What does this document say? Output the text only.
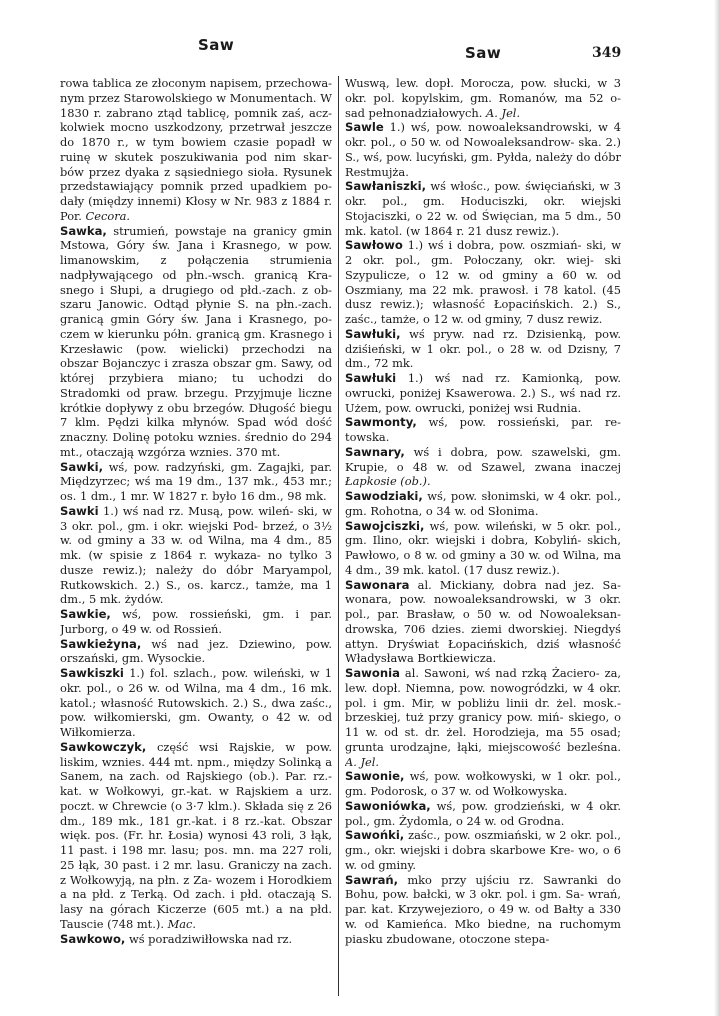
Saw	Saw	349

rowa tablica ze złoconym napisem, przechowa- nym przez Starowolskiego w Monumentach. W 1830 r. zabrano ztąd tablicę, pomnik zaś, acz- kolwiek mocno uszkodzony, przetrwał jeszcze do 1870 r., w tym bowiem czasie popadł w ruinę w skutek poszukiwania pod nim skar- bów przez dyaka z sąsiedniego sioła. Rysunek przedstawiający pomnik przed upadkiem po- dały (między innemi) Kłosy w Nr. 983 z 1884 r. Por. Cecora.

Sawka, strumień, powstaje na granicy gmin Mstowa, Góry św. Jana i Krasnego, w pow. limanowskim, z połączenia strumienia nadpływającego od płn.-wsch. granicą Kra- snego i Słupi, a drugiego od płd.-zach. z ob- szaru Janowic. Odtąd płynie S. na płn.-zach. granicą gmin Góry św. Jana i Krasnego, po- czem w kierunku półn. granicą gm. Krasnego i Krzesławic (pow. wielicki) przechodzi na obszar Bojanczyc i zrasza obszar gm. Sawy, od której przybiera miano; tu uchodzi do Stradomki od praw. brzegu. Przyjmuje liczne krótkie dopływy z obu brzegów. Długość biegu 7 klm. Pędzi kilka młynów. Spad wód dość znaczny. Dolinę potoku wznies. średnio do 294 mt., otaczają wzgórza wznies. 370 mt.

Sawki, wś, pow. radzyński, gm. Zagajki, par. Międzyrzec; wś ma 19 dm., 137 mk., 453 mr.; os. 1 dm., 1 mr. W 1827 r. było 16 dm., 98 mk.

Sawki 1.) wś nad rz. Musą, pow. wileń- ski, w 3 okr. pol., gm. i okr. wiejski Pod- brzeź, o 3½ w. od gminy a 33 w. od Wilna, ma 4 dm., 85 mk. (w spisie z 1864 r. wykaza- no tylko 3 dusze rewiz.); należy do dóbr Maryampol, Rutkowskich. 2.) S., os. karcz., tamże, ma 1 dm., 5 mk. żydów.

Sawkie, wś, pow. rossieński, gm. i par. Jurborg, o 49 w. od Rossień.

Sawkieżyna, wś nad jez. Dziewino, pow. orszański, gm. Wysockie.

Sawkiszki 1.) fol. szlach., pow. wileński, w 1 okr. pol., o 26 w. od Wilna, ma 4 dm., 16 mk. katol.; własność Rutowskich. 2.) S., dwa zaśc., pow. wiłkomierski, gm. Owanty, o 42 w. od Wiłkomierza.

Sawkowczyk, część wsi Rajskie, w pow. liskim, wznies. 444 mt. npm., między Solinką a Sanem, na zach. od Rajskiego (ob.). Par. rz.-kat. w Wołkowyi, gr.-kat. w Rajskiem a urz. poczt. w Chrewcie (o 3·7 klm.). Składa się z 26 dm., 189 mk., 181 gr.-kat. i 8 rz.-kat. Obszar więk. pos. (Fr. hr. Łosia) wynosi 43 roli, 3 łąk, 11 past. i 198 mr. lasu; pos. mn. ma 227 roli, 25 łąk, 30 past. i 2 mr. lasu. Graniczy na zach. z Wołkowyją, na płn. z Za- wozem i Horodkiem a na płd. z Terką. Od zach. i płd. otaczają S. lasy na górach Kiczerze (605 mt.) a na płd. Tauscie (748 mt.). Mac.

Sawkowo, wś poradziwiłłowska nad rz.

Wuswą, lew. dopł. Morocza, pow. słucki, w 3 okr. pol. kopylskim, gm. Romanów, ma 52 o- sad pełnonadziałowych. A. Jel.

Sawle 1.) wś, pow. nowoaleksandrowski, w 4 okr. pol., o 50 w. od Nowoaleksandrow- ska. 2.) S., wś, pow. lucyński, gm. Pyłda, należy do dóbr Restmujża.

Sawłaniszki, wś włośc., pow. święciański, w 3 okr. pol., gm. Hoduciszki, okr. wiejski Stojaciszki, o 22 w. od Święcian, ma 5 dm., 50 mk. katol. (w 1864 r. 21 dusz rewiz.).

Sawłowo 1.) wś i dobra, pow. oszmiań- ski, w 2 okr. pol., gm. Połoczany, okr. wiej- ski Szypulicze, o 12 w. od gminy a 60 w. od Oszmiany, ma 22 mk. prawosł. i 78 katol. (45 dusz rewiz.); własność Łopacińskich. 2.) S., zaśc., tamże, o 12 w. od gminy, 7 dusz rewiz.

Sawłuki, wś pryw. nad rz. Dzisienką, pow. dziśieński, w 1 okr. pol., o 28 w. od Dzisny, 7 dm., 72 mk.

Sawłuki 1.) wś nad rz. Kamionką, pow. owrucki, poniżej Ksawerowa. 2.) S., wś nad rz. Użem, pow. owrucki, poniżej wsi Rudnia.

Sawmonty, wś, pow. rossieński, par. re- towska.

Sawnary, wś i dobra, pow. szawelski, gm. Krupie, o 48 w. od Szawel, zwana inaczej Łapkosie (ob.).

Sawodziaki, wś, pow. słonimski, w 4 okr. pol., gm. Rohotna, o 34 w. od Słonima.

Sawojciszki, wś, pow. wileński, w 5 okr. pol., gm. Ilino, okr. wiejski i dobra, Kobyliń- skich, Pawłowo, o 8 w. od gminy a 30 w. od Wilna, ma 4 dm., 39 mk. katol. (17 dusz rewiz.).

Sawonara al. Mickiany, dobra nad jez. Sa- wonara, pow. nowoaleksandrowski, w 3 okr. pol., par. Brasław, o 50 w. od Nowoaleksan- drowska, 706 dzies. ziemi dworskiej. Niegdyś attyn. Dryświat Łopacińskich, dziś własność Władysława Bortkiewicza.

Sawonia al. Sawoni, wś nad rzką Żaciero- za, lew. dopł. Niemna, pow. nowogródzki, w 4 okr. pol. i gm. Mir, w pobliżu linii dr. żel. mosk.-brzeskiej, tuż przy granicy pow. miń- skiego, o 11 w. od st. dr. żel. Horodzieja, ma 55 osad; grunta urodzajne, łąki, miejscowość bezleśna. A. Jel.

Sawonie, wś, pow. wołkowyski, w 1 okr. pol., gm. Podorosk, o 37 w. od Wołkowyska.

Sawoniówka, wś, pow. grodzieński, w 4 okr. pol., gm. Żydomla, o 24 w. od Grodna.

Sawońki, zaśc., pow. oszmiański, w 2 okr. pol., gm., okr. wiejski i dobra skarbowe Kre- wo, o 6 w. od gminy.

Sawrań, mko przy ujściu rz. Sawranki do Bohu, pow. bałcki, w 3 okr. pol. i gm. Sa- wrań, par. kat. Krzywejezioro, o 49 w. od Bałty a 330 w. od Kamieńca. Mko biedne, na ruchomym piasku zbudowane, otoczone stepa-
